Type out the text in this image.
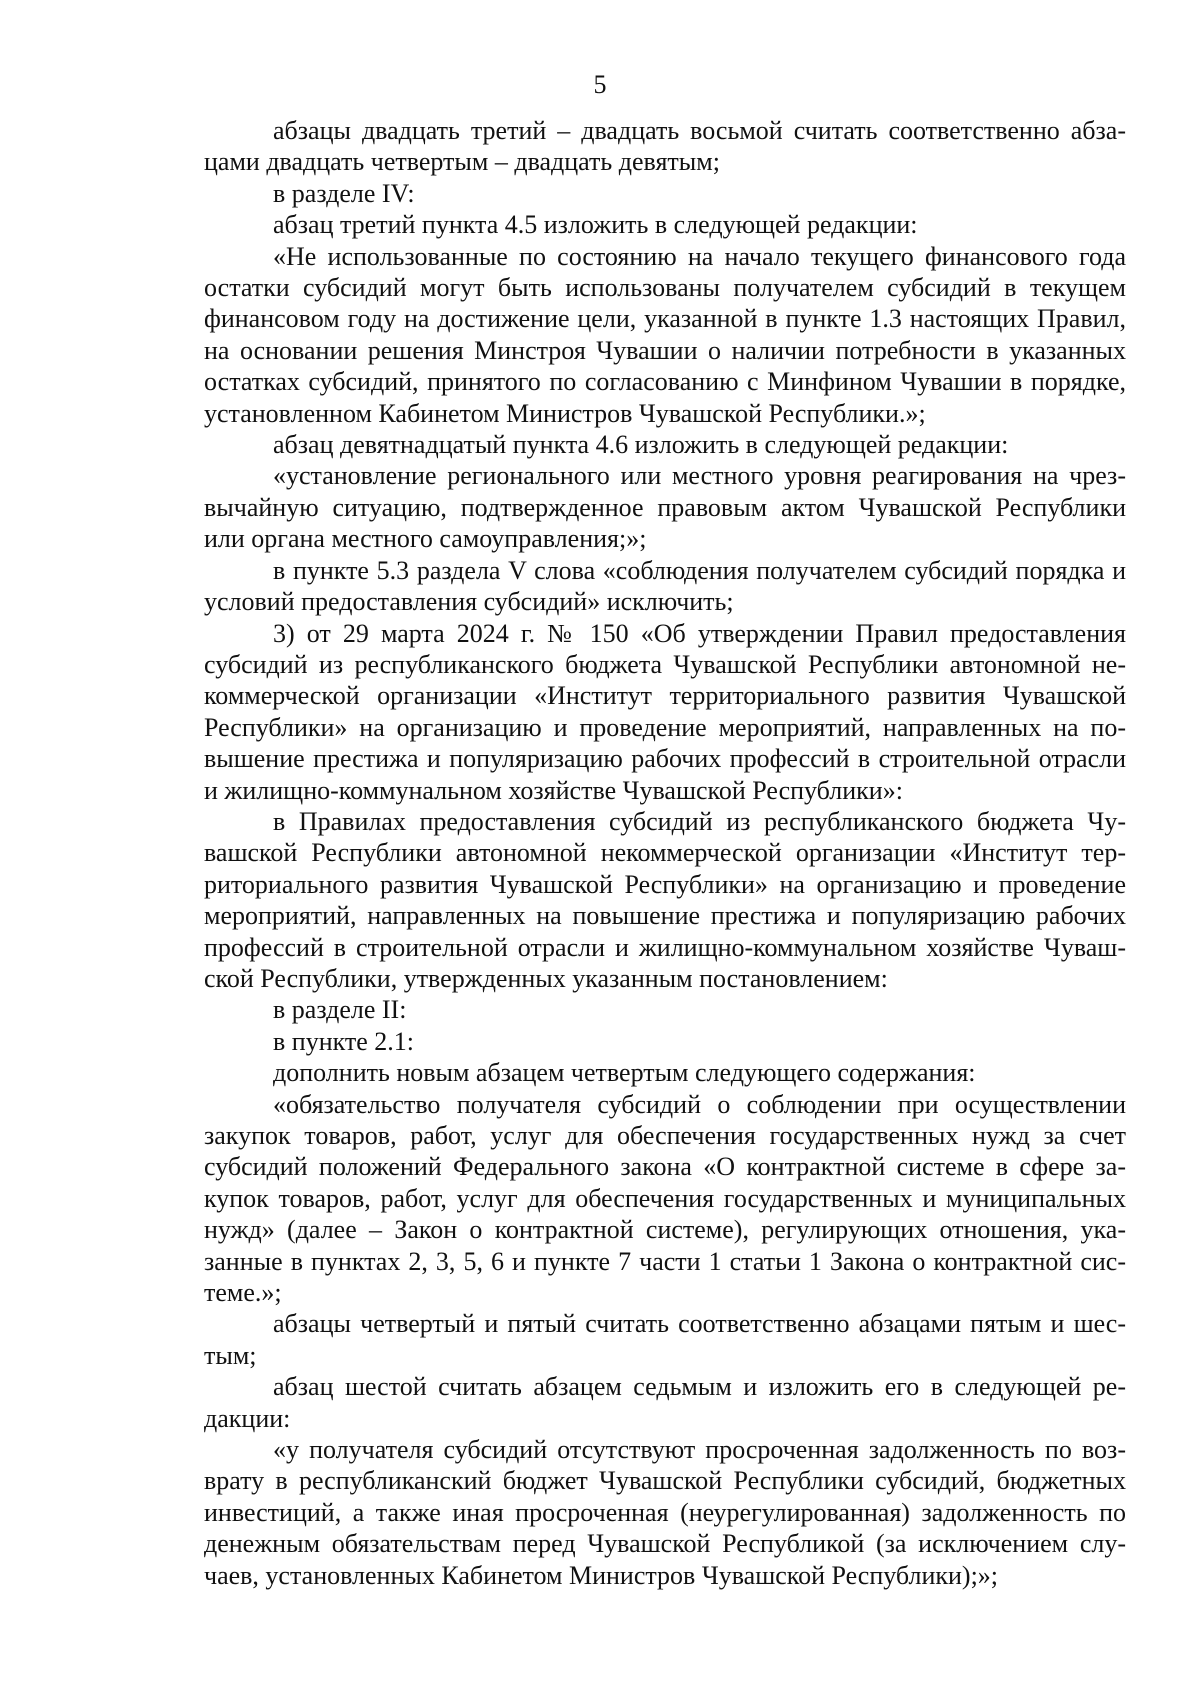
5

абзацы двадцать третий – двадцать восьмой считать соответственно абзацами двадцать четвертым – двадцать девятым;

в разделе IV:

абзац третий пункта 4.5 изложить в следующей редакции:

«Не использованные по состоянию на начало текущего финансового года остатки субсидий могут быть использованы получателем субсидий в текущем финансовом году на достижение цели, указанной в пункте 1.3 настоящих Правил, на основании решения Минстроя Чувашии о наличии потребности в указанных остатках субсидий, принятого по согласованию с Минфином Чувашии в порядке, установленном Кабинетом Министров Чувашской Республики.»;

абзац девятнадцатый пункта 4.6 изложить в следующей редакции:

«установление регионального или местного уровня реагирования на чрезвычайную ситуацию, подтвержденное правовым актом Чувашской Республики или органа местного самоуправления;»;

в пункте 5.3 раздела V слова «соблюдения получателем субсидий порядка и условий предоставления субсидий» исключить;

3) от 29 марта 2024 г. № 150 «Об утверждении Правил предоставления субсидий из республиканского бюджета Чувашской Республики автономной некоммерческой организации «Институт территориального развития Чувашской Республики» на организацию и проведение мероприятий, направленных на повышение престижа и популяризацию рабочих профессий в строительной отрасли и жилищно-коммунальном хозяйстве Чувашской Республики»:

в Правилах предоставления субсидий из республиканского бюджета Чувашской Республики автономной некоммерческой организации «Институт территориального развития Чувашской Республики» на организацию и проведение мероприятий, направленных на повышение престижа и популяризацию рабочих профессий в строительной отрасли и жилищно-коммунальном хозяйстве Чувашской Республики, утвержденных указанным постановлением:

в разделе II:

в пункте 2.1:

дополнить новым абзацем четвертым следующего содержания:

«обязательство получателя субсидий о соблюдении при осуществлении закупок товаров, работ, услуг для обеспечения государственных нужд за счет субсидий положений Федерального закона «О контрактной системе в сфере закупок товаров, работ, услуг для обеспечения государственных и муниципальных нужд» (далее – Закон о контрактной системе), регулирующих отношения, указанные в пунктах 2, 3, 5, 6 и пункте 7 части 1 статьи 1 Закона о контрактной системе.»;

абзацы четвертый и пятый считать соответственно абзацами пятым и шестым;

абзац шестой считать абзацем седьмым и изложить его в следующей редакции:

«у получателя субсидий отсутствуют просроченная задолженность по возврату в республиканский бюджет Чувашской Республики субсидий, бюджетных инвестиций, а также иная просроченная (неурегулированная) задолженность по денежным обязательствам перед Чувашской Республикой (за исключением случаев, установленных Кабинетом Министров Чувашской Республики);»;
